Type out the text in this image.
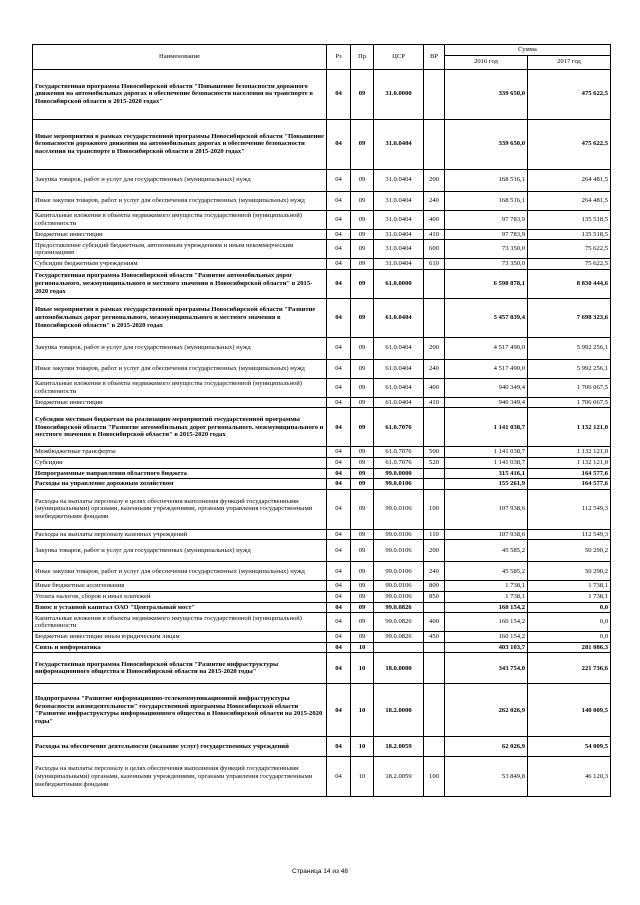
Наименование	Рз	Пр	ЦСР	ВР	Сумма	
					2016 год	2017 год
Государственная программа Новосибирской области "Повышение безопасности дорожного движения на автомобильных дорогах и обеспечение безопасности населения на транспорте в Новосибирской области в 2015-2020 годах"	04	09	31.0.0000		339 650,0	475 622,5
Иные мероприятия в рамках государственной программы Новосибирской области "Повышение безопасности дорожного движения на автомобильных дорогах и обеспечение безопасности населения на транспорте в Новосибирской области в 2015-2020 годах"	04	09	31.0.0404		339 650,0	475 622,5
Закупка товаров, работ и услуг для государственных (муниципальных) нужд	04	09	31.0.0404	200	168 516,1	264 481,5
Иные закупки товаров, работ и услуг для обеспечения государственных (муниципальных) нужд	04	09	31.0.0404	240	168 516,1	264 481,5
Капитальные вложения в объекты недвижимого имущества государственной (муниципальной) собственности	04	09	31.0.0404	400	97 783,9	135 518,5
Бюджетные инвестиции	04	09	31.0.0404	410	97 783,9	135 518,5
Предоставление субсидий бюджетным, автономным учреждениям и иным некоммерческим организациям	04	09	31.0.0404	600	73 350,0	75 622,5
Субсидии бюджетным учреждениям	04	09	31.0.0404	610	73 350,0	75 622,5
Государственная программа Новосибирской области "Развитие автомобильных дорог регионального, межмуниципального и местного значения в Новосибирской области" в 2015-2020 годах	04	09	61.0.0000		6 598 878,1	8 830 444,6
Иные мероприятия в рамках государственной программы Новосибирской области "Развитие автомобильных дорог регионального, межмуниципального и местного значения в Новосибирской области" в 2015-2020 годах	04	09	61.0.0404		5 457 839,4	7 698 323,6
Закупка товаров, работ и услуг для государственных (муниципальных) нужд	04	09	61.0.0404	200	4 517 490,0	5 992 256,1
Иные закупки товаров, работ и услуг для обеспечения государственных (муниципальных) нужд	04	09	61.0.0404	240	4 517 490,0	5 992 256,1
Капитальные вложения в объекты недвижимого имущества государственной (муниципальной) собственности	04	09	61.0.0404	400	940 349,4	1 706 067,5
Бюджетные инвестиции	04	09	61.0.0404	410	940 349,4	1 706 067,5
Субсидии местным бюджетам на реализацию мероприятий государственной программы Новосибирской области "Развитие автомобильных дорог регионального, межмуниципального и местного значения в Новосибирской области" в 2015-2020 годах	04	09	61.0.7076		1 141 038,7	1 132 121,0
Межбюджетные трансферты	04	09	61.0.7076	500	1 141 038,7	1 132 121,0
Субсидии	04	09	61.0.7076	520	1 141 038,7	1 132 121,0
Непрограммные направления областного бюджета	04	09	99.0.0000		315 416,1	164 577,6
Расходы на управление дорожным хозяйством	04	09	99.0.0106		155 261,9	164 577,6
Расходы на выплаты персоналу в целях обеспечения выполнения функций государственными (муниципальными) органами, казенными учреждениями, органами управления государственными внебюджетными фондами	04	09	99.0.0106	100	107 938,6	112 549,3
Расходы на выплаты персоналу казенных учреждений	04	09	99.0.0106	110	107 938,6	112 549,3
Закупка товаров, работ и услуг для государственных (муниципальных) нужд	04	09	99.0.0106	200	45 585,2	50 290,2
Иные закупки товаров, работ и услуг для обеспечения государственных (муниципальных) нужд	04	09	99.0.0106	240	45 585,2	50 290,2
Иные бюджетные ассигнования	04	09	99.0.0106	800	1 738,1	1 738,1
Уплата налогов, сборов и иных платежей	04	09	99.0.0106	850	1 738,1	1 738,1
Взнос в уставной капитал ОАО "Центральный мост"	04	09	99.0.0826		160 154,2	0,0
Капитальные вложения в объекты недвижимого имущества государственной (муниципальной) собственности	04	09	99.0.0826	400	160 154,2	0,0
Бюджетные инвестиции иным юридическим лицам	04	09	99.0.0826	450	160 154,2	0,0
Связь и информатика	04	10			403 103,7	281 086,3
Государственная программа Новосибирской области "Развитие инфраструктуры информационного общества в Новосибирской области на 2015-2020 годы"	04	10	18.0.0000		343 754,0	221 736,6
Подпрограмма "Развитие информационно-телекоммуникационной инфраструктуры безопасности жизнедеятельности" государственной программы Новосибирской области "Развитие инфраструктуры информационного общества в Новосибирской области на 2015-2020 годы"	04	10	18.2.0000		262 026,9	140 009,5
Расходы на обеспечение деятельности (оказание услуг) государственных учреждений	04	10	18.2.0059		62 026,9	54 009,5
Расходы на выплаты персоналу в целях обеспечения выполнения функций государственными (муниципальными) органами, казенными учреждениями, органами управления государственными внебюджетными фондами	04	10	18.2.0059	100	53 849,8	46 120,3
Страница 14 из 48
